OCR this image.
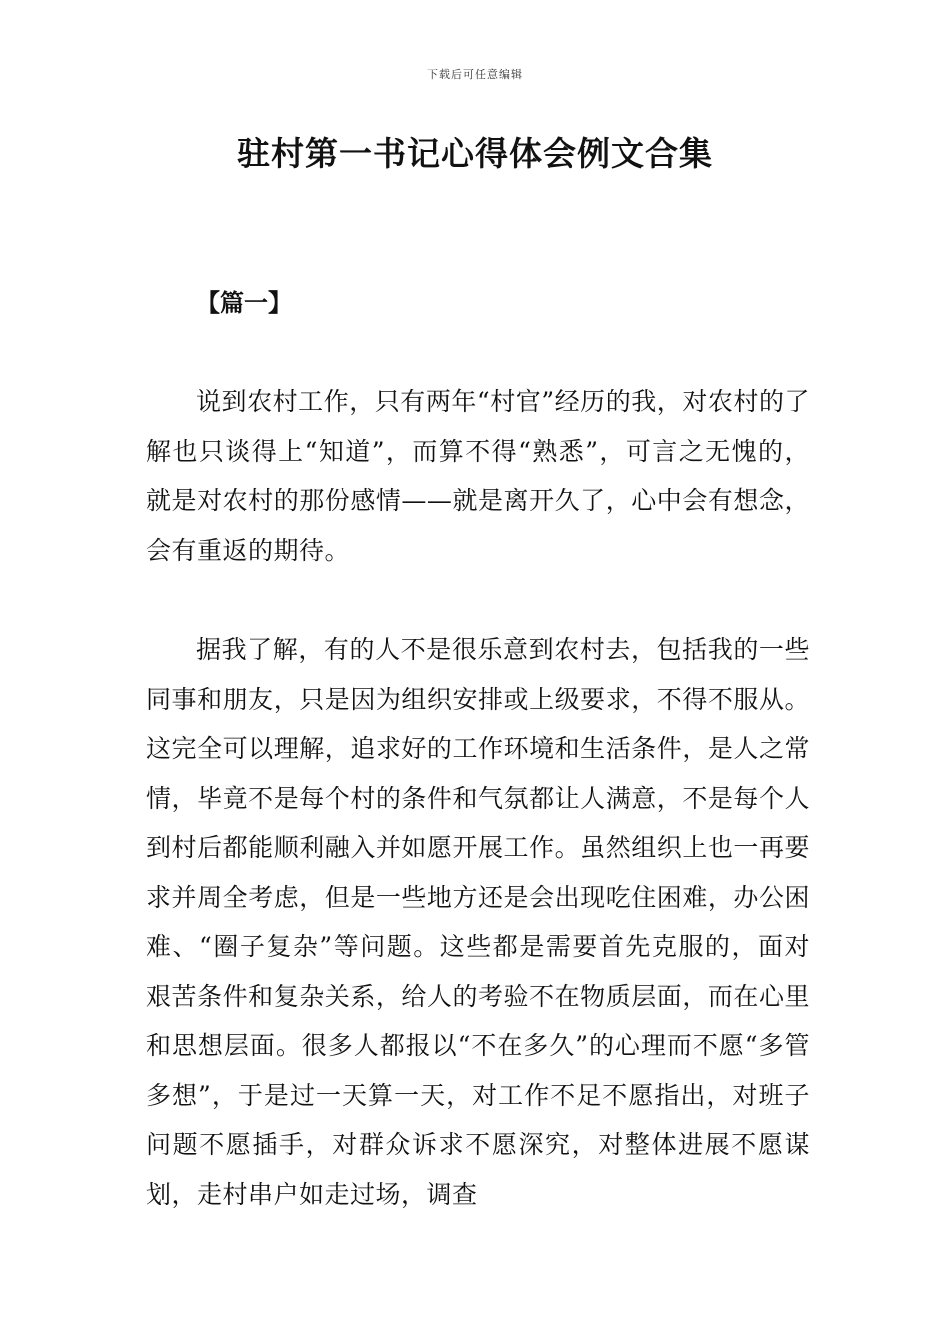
下载后可任意编辑
驻村第一书记心得体会例文合集
【篇一】

说到农村工作，只有两年“村官”经历的我，对农村的了解也只谈得上“知道”，而算不得“熟悉”，可言之无愧的，就是对农村的那份感情——就是离开久了，心中会有想念，会有重返的期待。

据我了解，有的人不是很乐意到农村去，包括我的一些同事和朋友，只是因为组织安排或上级要求，不得不服从。这完全可以理解，追求好的工作环境和生活条件，是人之常情，毕竟不是每个村的条件和气氛都让人满意，不是每个人到村后都能顺利融入并如愿开展工作。虽然组织上也一再要求并周全考虑，但是一些地方还是会出现吃住困难，办公困难、“圈子复杂”等问题。这些都是需要首先克服的，面对艰苦条件和复杂关系，给人的考验不在物质层面，而在心里和思想层面。很多人都报以“不在多久”的心理而不愿“多管多想”，于是过一天算一天，对工作不足不愿指出，对班子问题不愿插手，对群众诉求不愿深究，对整体进展不愿谋划，走村串户如走过场，调查
